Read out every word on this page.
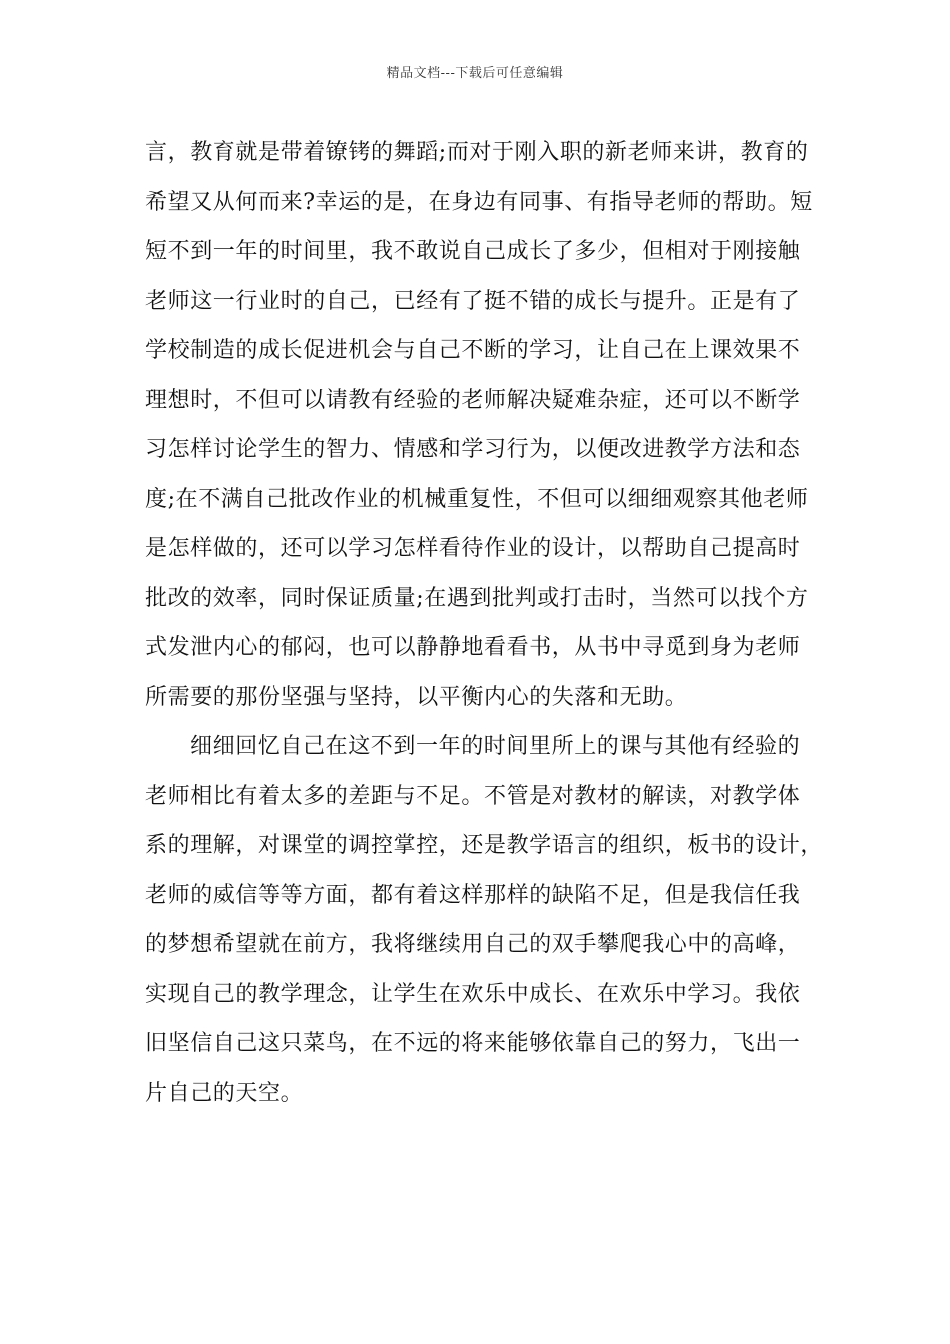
精品文档---下载后可任意编辑
言，教育就是带着镣铐的舞蹈;而对于刚入职的新老师来讲，教育的
希望又从何而来?幸运的是，在身边有同事、有指导老师的帮助。短
短不到一年的时间里，我不敢说自己成长了多少，但相对于刚接触
老师这一行业时的自己，已经有了挺不错的成长与提升。正是有了
学校制造的成长促进机会与自己不断的学习，让自己在上课效果不
理想时，不但可以请教有经验的老师解决疑难杂症，还可以不断学
习怎样讨论学生的智力、情感和学习行为，以便改进教学方法和态
度;在不满自己批改作业的机械重复性，不但可以细细观察其他老师
是怎样做的，还可以学习怎样看待作业的设计，以帮助自己提高时
批改的效率，同时保证质量;在遇到批判或打击时，当然可以找个方
式发泄内心的郁闷，也可以静静地看看书，从书中寻觅到身为老师
所需要的那份坚强与坚持，以平衡内心的失落和无助。
细细回忆自己在这不到一年的时间里所上的课与其他有经验的
老师相比有着太多的差距与不足。不管是对教材的解读，对教学体
系的理解，对课堂的调控掌控，还是教学语言的组织，板书的设计，
老师的威信等等方面，都有着这样那样的缺陷不足，但是我信任我
的梦想希望就在前方，我将继续用自己的双手攀爬我心中的高峰，
实现自己的教学理念，让学生在欢乐中成长、在欢乐中学习。我依
旧坚信自己这只菜鸟，在不远的将来能够依靠自己的努力，飞出一
片自己的天空。
